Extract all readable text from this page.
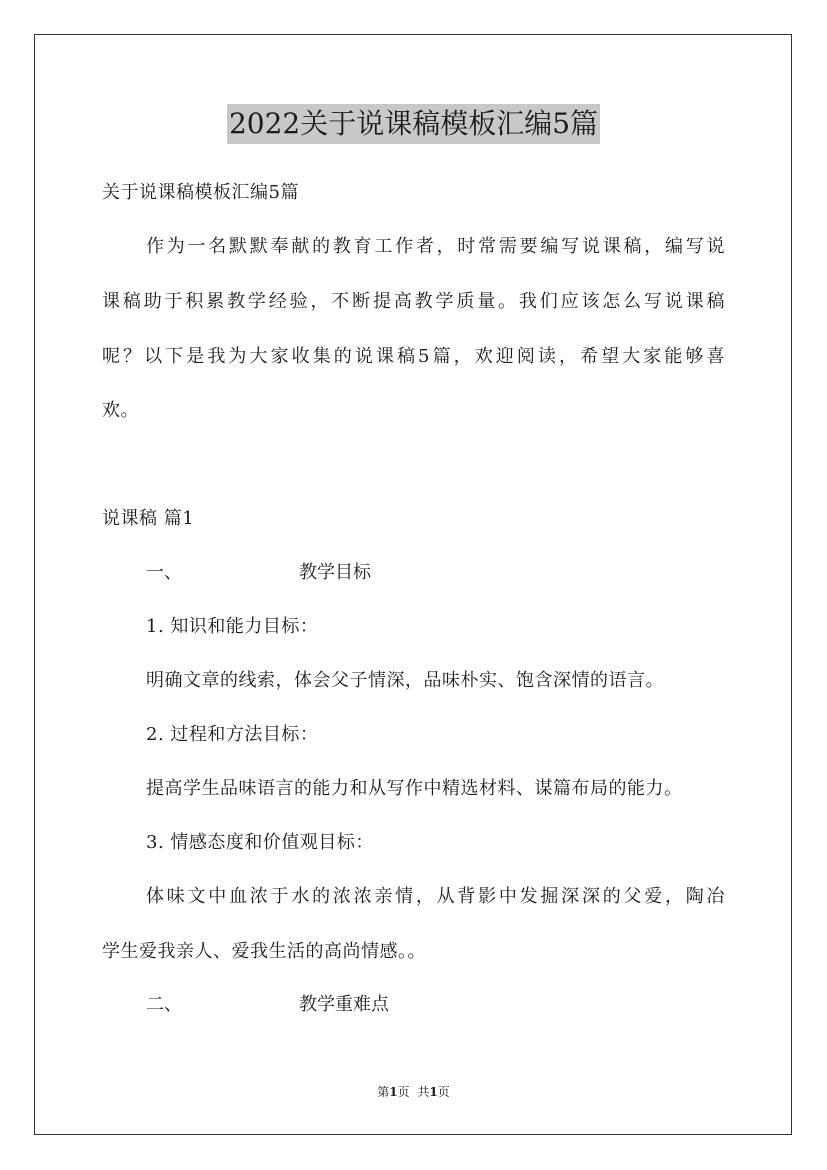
2022关于说课稿模板汇编5篇
关于说课稿模板汇编5篇
作为一名默默奉献的教育工作者，时常需要编写说课稿，编写说
课稿助于积累教学经验，不断提高教学质量。我们应该怎么写说课稿
呢？以下是我为大家收集的说课稿5篇，欢迎阅读，希望大家能够喜
欢。
说课稿 篇1
一、	教学目标
1. 知识和能力目标：
明确文章的线索，体会父子情深，品味朴实、饱含深情的语言。
2. 过程和方法目标：
提高学生品味语言的能力和从写作中精选材料、谋篇布局的能力。
3. 情感态度和价值观目标：
体味文中血浓于水的浓浓亲情，从背影中发掘深深的父爱，陶冶
学生爱我亲人、爱我生活的高尚情感。。
二、	教学重难点
第1页 共1页
